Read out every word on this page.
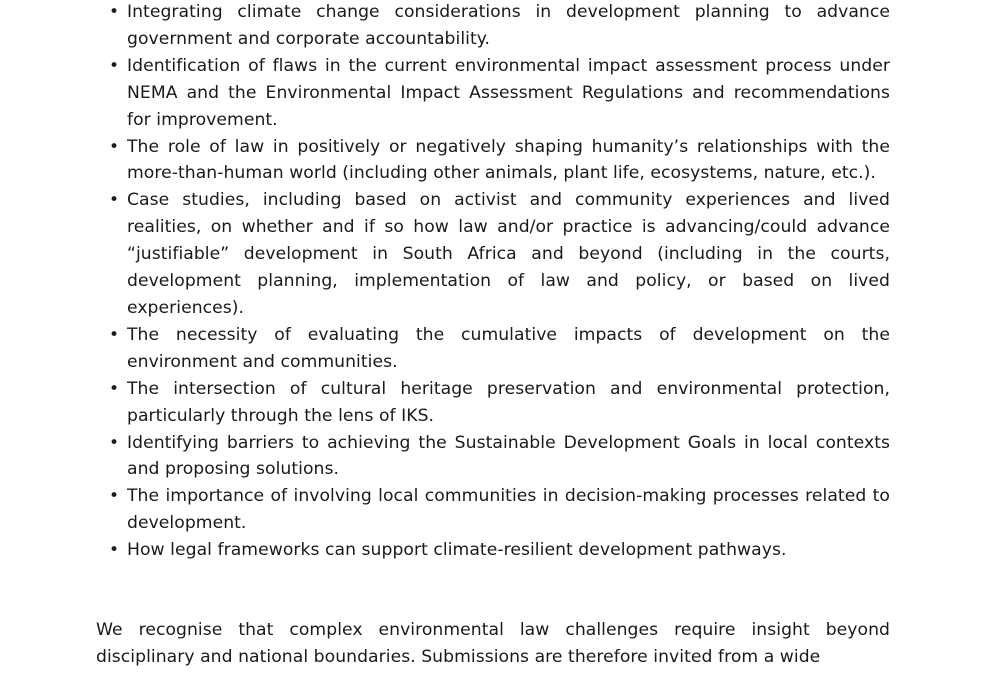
• Integrating climate change considerations in development planning to advance government and corporate accountability.
• Identification of flaws in the current environmental impact assessment process under NEMA and the Environmental Impact Assessment Regulations and recommendations for improvement.
• The role of law in positively or negatively shaping humanity’s relationships with the more-than-human world (including other animals, plant life, ecosystems, nature, etc.).
• Case studies, including based on activist and community experiences and lived realities, on whether and if so how law and/or practice is advancing/could advance “justifiable” development in South Africa and beyond (including in the courts, development planning, implementation of law and policy, or based on lived experiences).
• The necessity of evaluating the cumulative impacts of development on the environment and communities.
• The intersection of cultural heritage preservation and environmental protection, particularly through the lens of IKS.
• Identifying barriers to achieving the Sustainable Development Goals in local contexts and proposing solutions.
• The importance of involving local communities in decision-making processes related to development.
• How legal frameworks can support climate-resilient development pathways.

We recognise that complex environmental law challenges require insight beyond disciplinary and national boundaries. Submissions are therefore invited from a wide
